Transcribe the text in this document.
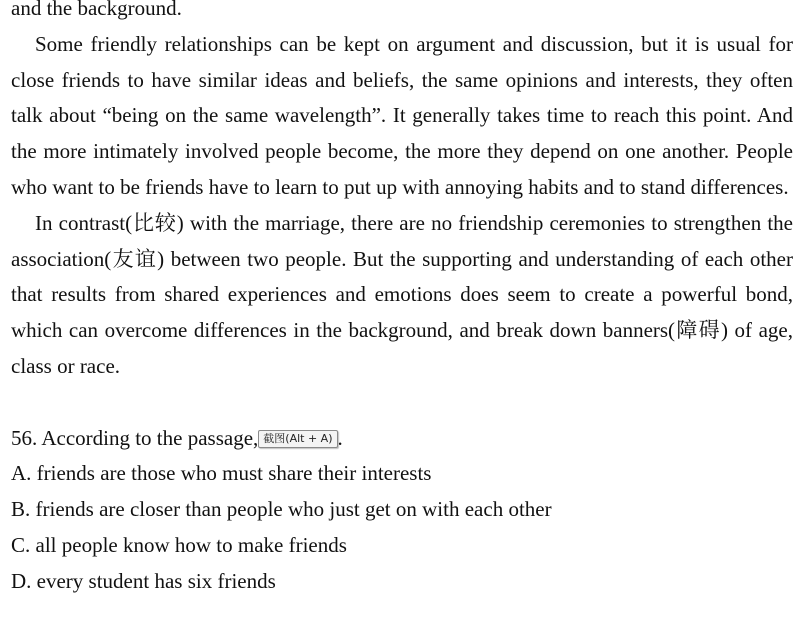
and the background.

Some friendly relationships can be kept on argument and discussion, but it is usual for close friends to have similar ideas and beliefs, the same opinions and interests, they often talk about “being on the same wavelength”. It generally takes time to reach this point. And the more intimately involved people become, the more they depend on one another. People who want to be friends have to learn to put up with annoying habits and to stand differences.

In contrast(比较) with the marriage, there are no friendship ceremonies to strengthen the association(友谊) between two people. But the supporting and understanding of each other that results from shared experiences and emotions does seem to create a powerful bond, which can overcome differences in the background, and break down banners(障碍) of age, class or race.

56. According to the passage, 截图(Alt + A) .

A. friends are those who must share their interests

B. friends are closer than people who just get on with each other

C. all people know how to make friends

D. every student has six friends
